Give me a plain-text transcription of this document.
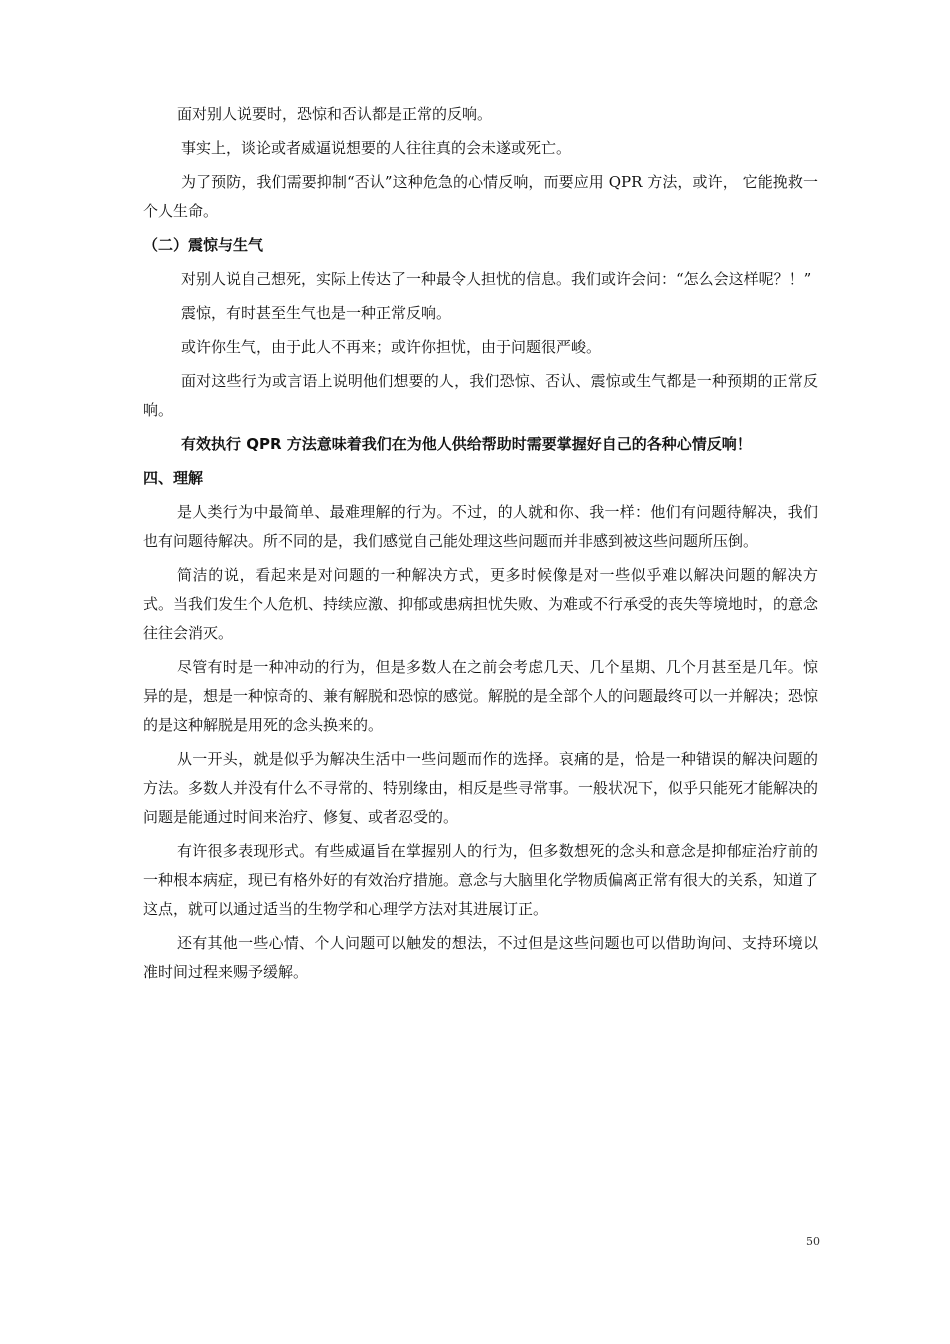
面对别人说要时，恐惊和否认都是正常的反响。

事实上，谈论或者威逼说想要的人往往真的会未遂或死亡。

为了预防，我们需要抑制“否认”这种危急的心情反响，而要应用 QPR 方法，或许， 它能挽救一个人生命。

（二）震惊与生气

对别人说自己想死，实际上传达了一种最令人担忧的信息。我们或许会问：“怎么会这样呢？！”

震惊，有时甚至生气也是一种正常反响。

或许你生气，由于此人不再来；或许你担忧，由于问题很严峻。

面对这些行为或言语上说明他们想要的人，我们恐惊、否认、震惊或生气都是一种预期的正常反响。

有效执行 QPR 方法意味着我们在为他人供给帮助时需要掌握好自己的各种心情反响！

四、理解

是人类行为中最简单、最难理解的行为。不过，的人就和你、我一样：他们有问题待解决，我们也有问题待解决。所不同的是，我们感觉自己能处理这些问题而并非感到被这些问题所压倒。

简洁的说，看起来是对问题的一种解决方式，更多时候像是对一些似乎难以解决问题的解决方式。当我们发生个人危机、持续应激、抑郁或患病担忧失败、为难或不行承受的丧失等境地时，的意念往往会消灭。

尽管有时是一种冲动的行为，但是多数人在之前会考虑几天、几个星期、几个月甚至是几年。惊异的是，想是一种惊奇的、兼有解脱和恐惊的感觉。解脱的是全部个人的问题最终可以一并解决；恐惊的是这种解脱是用死的念头换来的。

从一开头，就是似乎为解决生活中一些问题而作的选择。哀痛的是，恰是一种错误的解决问题的方法。多数人并没有什么不寻常的、特别缘由，相反是些寻常事。一般状况下，似乎只能死才能解决的问题是能通过时间来治疗、修复、或者忍受的。

有许很多表现形式。有些威逼旨在掌握别人的行为，但多数想死的念头和意念是抑郁症治疗前的一种根本病症，现已有格外好的有效治疗措施。意念与大脑里化学物质偏离正常有很大的关系，知道了这点，就可以通过适当的生物学和心理学方法对其进展订正。

还有其他一些心情、个人问题可以触发的想法，不过但是这些问题也可以借助询问、支持环境以准时间过程来赐予缓解。

50
